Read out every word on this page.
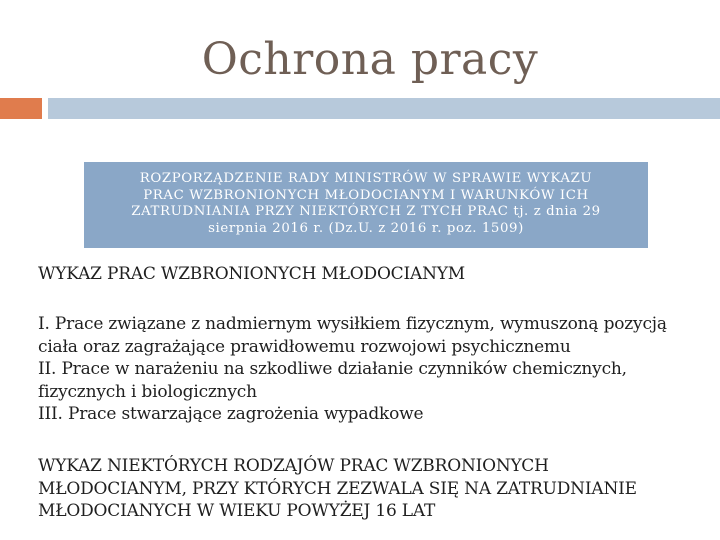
Ochrona pracy
ROZPORZĄDZENIE RADY MINISTRÓW W SPRAWIE WYKAZU
PRAC WZBRONIONYCH MŁODOCIANYM I WARUNKÓW ICH
ZATRUDNIANIA PRZY NIEKTÓRYCH Z TYCH PRAC tj. z dnia 29
sierpnia 2016 r. (Dz.U. z 2016 r. poz. 1509)
WYKAZ PRAC WZBRONIONYCH MŁODOCIANYM
I. Prace związane z nadmiernym wysiłkiem fizycznym, wymuszoną pozycją
ciała oraz zagrażające prawidłowemu rozwojowi psychicznemu
II. Prace w narażeniu na szkodliwe działanie czynników chemicznych,
fizycznych i biologicznych
III. Prace stwarzające zagrożenia wypadkowe
WYKAZ NIEKTÓRYCH RODZAJÓW PRAC WZBRONIONYCH
MŁODOCIANYM, PRZY KTÓRYCH ZEZWALA SIĘ NA ZATRUDNIANIE
MŁODOCIANYCH W WIEKU POWYŻEJ 16 LAT
